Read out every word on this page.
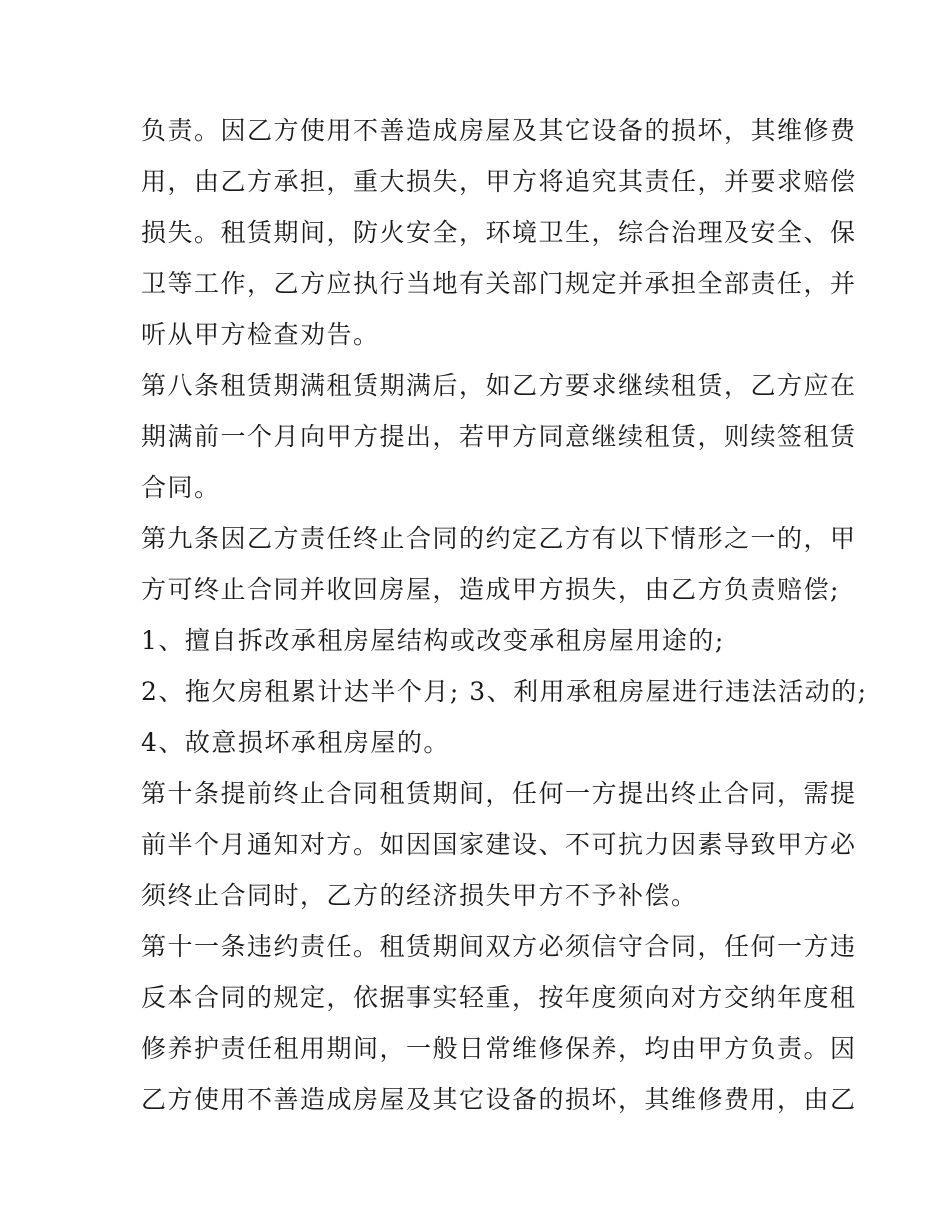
负责。因乙方使用不善造成房屋及其它设备的损坏，其维修费
用，由乙方承担，重大损失，甲方将追究其责任，并要求赔偿
损失。租赁期间，防火安全，环境卫生，综合治理及安全、保
卫等工作，乙方应执行当地有关部门规定并承担全部责任，并
听从甲方检查劝告。
第八条租赁期满租赁期满后，如乙方要求继续租赁，乙方应在
期满前一个月向甲方提出，若甲方同意继续租赁，则续签租赁
合同。
第九条因乙方责任终止合同的约定乙方有以下情形之一的，甲
方可终止合同并收回房屋，造成甲方损失，由乙方负责赔偿;
1、擅自拆改承租房屋结构或改变承租房屋用途的;
2、拖欠房租累计达半个月; 3、利用承租房屋进行违法活动的;
4、故意损坏承租房屋的。
第十条提前终止合同租赁期间，任何一方提出终止合同，需提
前半个月通知对方。如因国家建设、不可抗力因素导致甲方必
须终止合同时，乙方的经济损失甲方不予补偿。
第十一条违约责任。租赁期间双方必须信守合同，任何一方违
反本合同的规定，依据事实轻重，按年度须向对方交纳年度租
修养护责任租用期间，一般日常维修保养，均由甲方负责。因
乙方使用不善造成房屋及其它设备的损坏，其维修费用，由乙
